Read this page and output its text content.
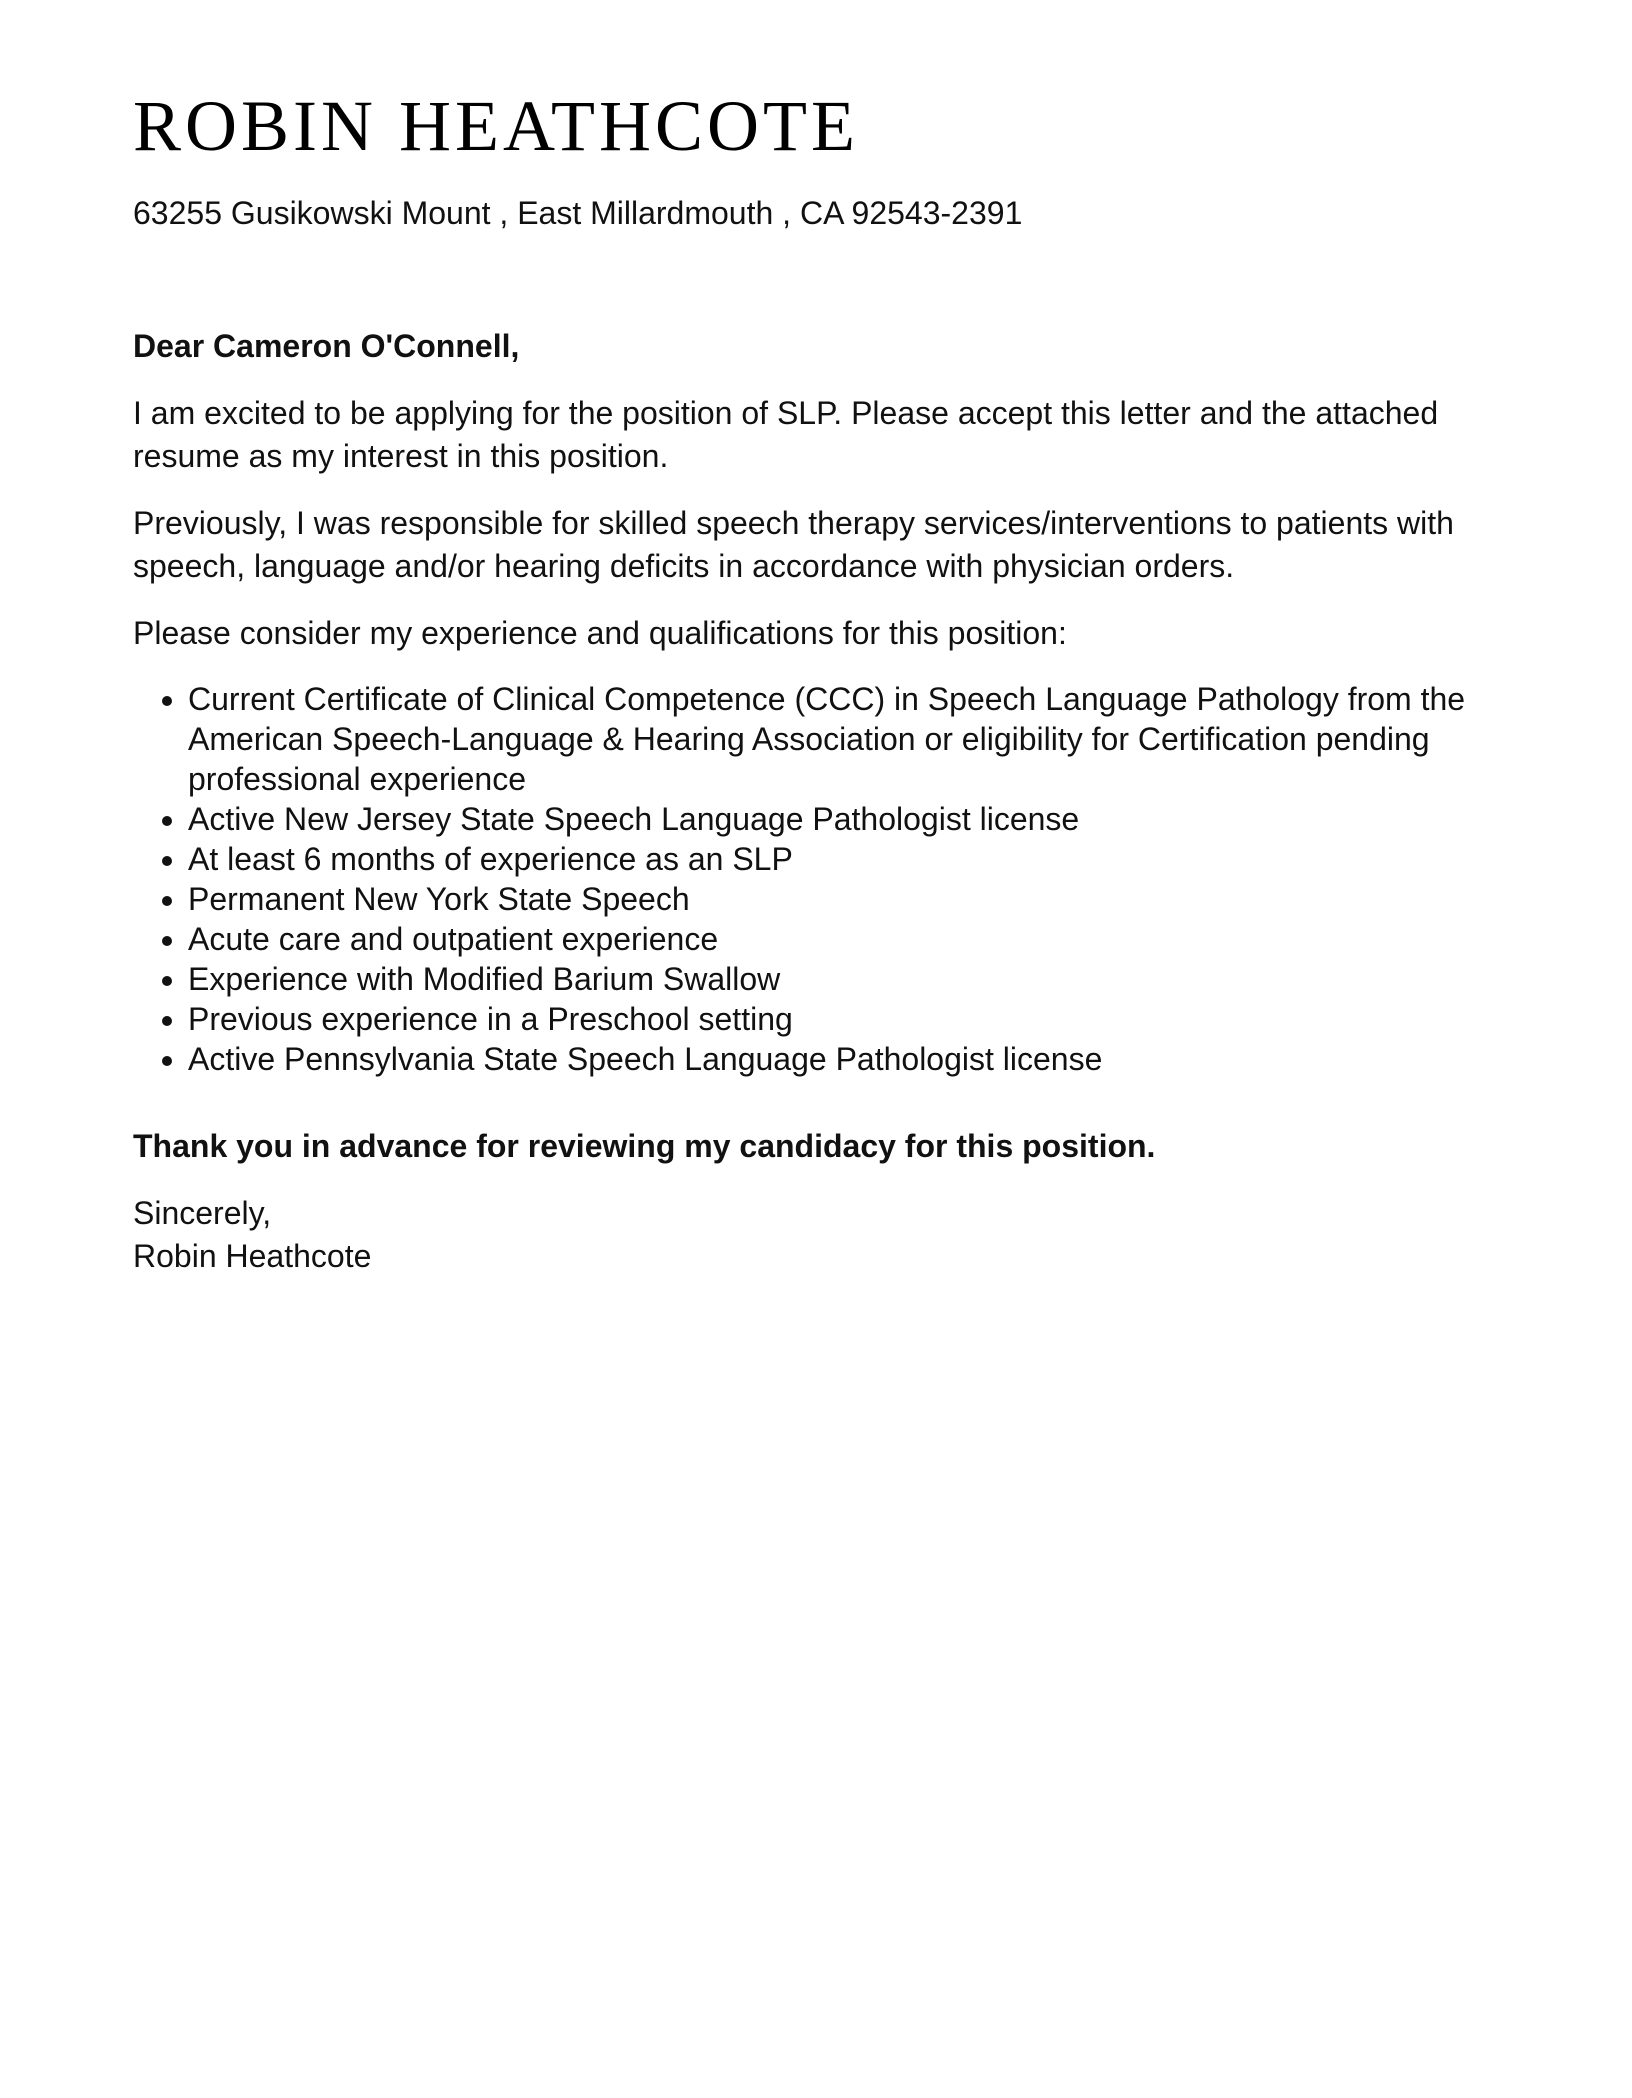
ROBIN HEATHCOTE

63255 Gusikowski Mount , East Millardmouth , CA 92543-2391

Dear Cameron O'Connell,

I am excited to be applying for the position of SLP. Please accept this letter and the attached resume as my interest in this position.

Previously, I was responsible for skilled speech therapy services/interventions to patients with speech, language and/or hearing deficits in accordance with physician orders.

Please consider my experience and qualifications for this position:

• Current Certificate of Clinical Competence (CCC) in Speech Language Pathology from the American Speech-Language & Hearing Association or eligibility for Certification pending professional experience
• Active New Jersey State Speech Language Pathologist license
• At least 6 months of experience as an SLP
• Permanent New York State Speech
• Acute care and outpatient experience
• Experience with Modified Barium Swallow
• Previous experience in a Preschool setting
• Active Pennsylvania State Speech Language Pathologist license

Thank you in advance for reviewing my candidacy for this position.

Sincerely,
Robin Heathcote
